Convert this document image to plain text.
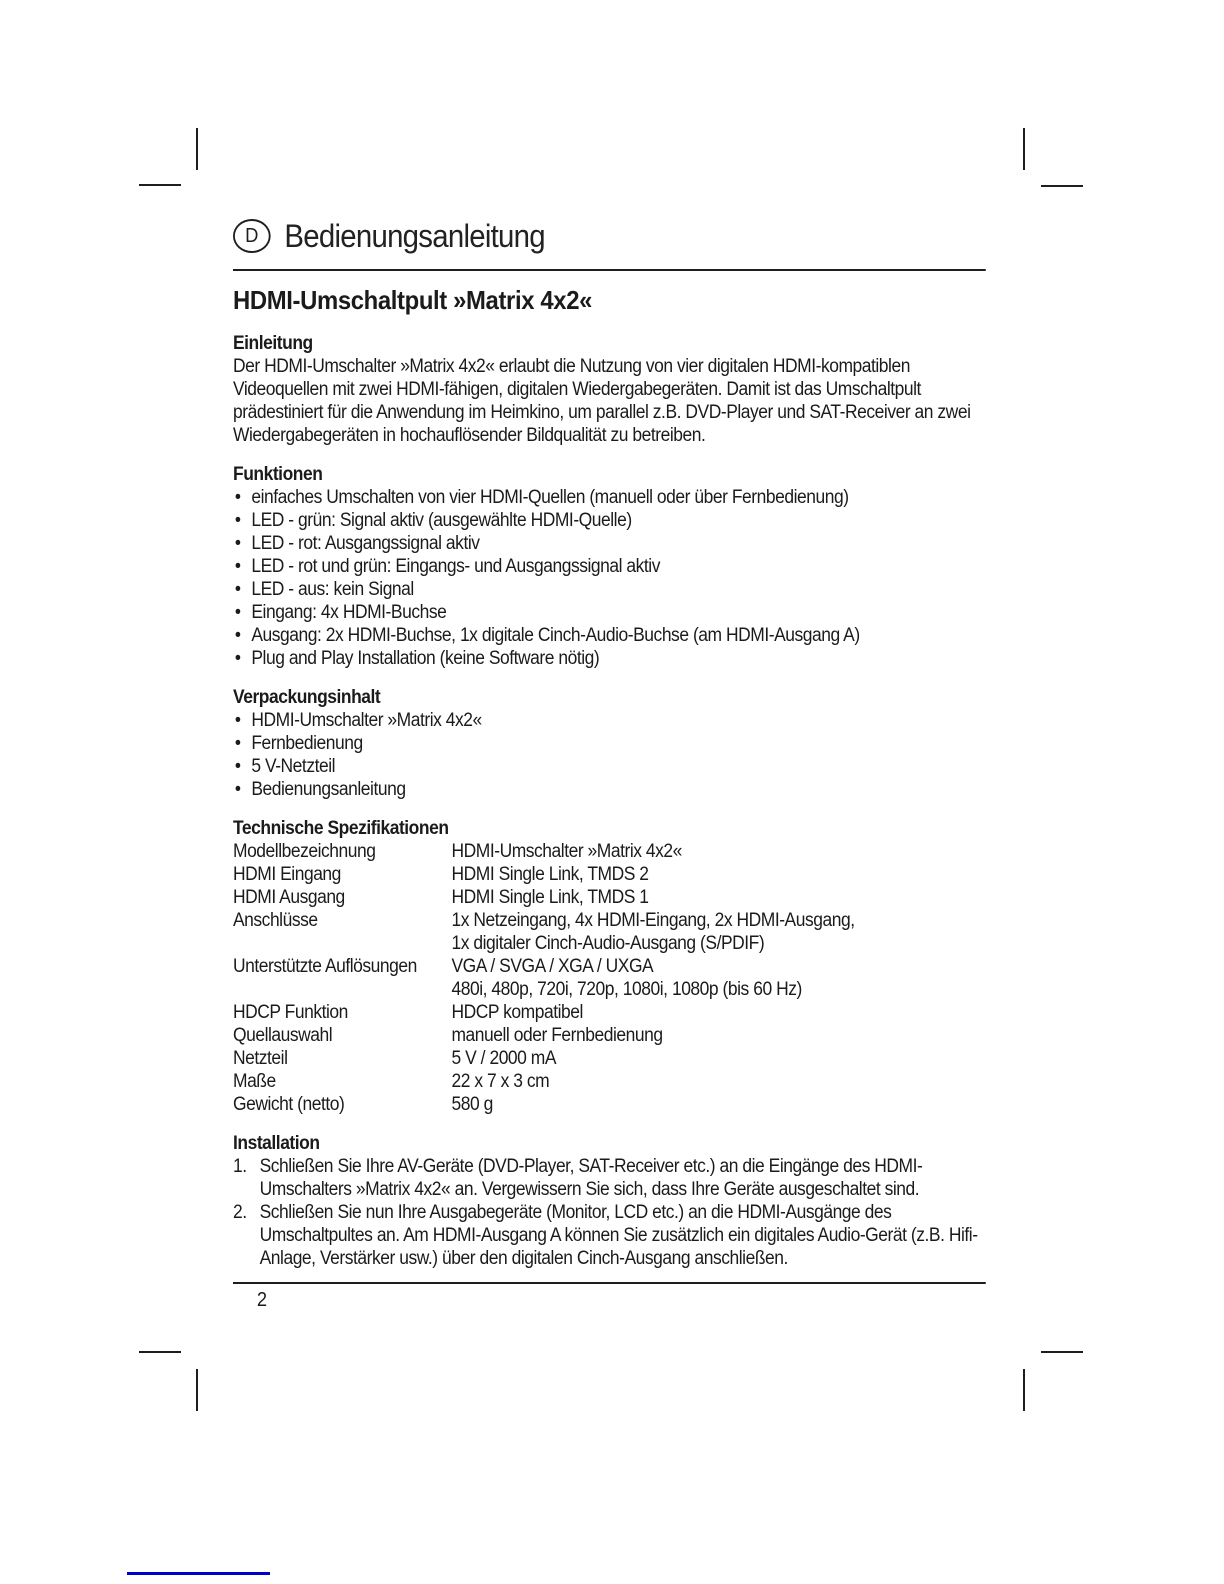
D Bedienungsanleitung
HDMI-Umschaltpult »Matrix 4x2«
Einleitung

Der HDMI-Umschalter »Matrix 4x2« erlaubt die Nutzung von vier digitalen HDMI-kompatiblen Videoquellen mit zwei HDMI-fähigen, digitalen Wiedergabegeräten. Damit ist das Umschaltpult prädestiniert für die Anwendung im Heimkino, um parallel z.B. DVD-Player und SAT-Receiver an zwei Wiedergabegeräten in hochauflösender Bildqualität zu betreiben.

Funktionen
• einfaches Umschalten von vier HDMI-Quellen (manuell oder über Fernbedienung)
• LED - grün: Signal aktiv (ausgewählte HDMI-Quelle)
• LED - rot: Ausgangssignal aktiv
• LED - rot und grün: Eingangs- und Ausgangssignal aktiv
• LED - aus: kein Signal
• Eingang: 4x HDMI-Buchse
• Ausgang: 2x HDMI-Buchse, 1x digitale Cinch-Audio-Buchse (am HDMI-Ausgang A)
• Plug and Play Installation (keine Software nötig)
Verpackungsinhalt
• HDMI-Umschalter »Matrix 4x2«
• Fernbedienung
• 5 V-Netzteil
• Bedienungsanleitung
Technische Spezifikationen
Modellbezeichnung	HDMI-Umschalter »Matrix 4x2«
HDMI Eingang	HDMI Single Link, TMDS 2
HDMI Ausgang	HDMI Single Link, TMDS 1
Anschlüsse	1x Netzeingang, 4x HDMI-Eingang, 2x HDMI-Ausgang,
1x digitaler Cinch-Audio-Ausgang (S/PDIF)
Unterstützte Auflösungen	VGA / SVGA / XGA / UXGA
480i, 480p, 720i, 720p, 1080i, 1080p (bis 60 Hz)
HDCP Funktion	HDCP kompatibel
Quellauswahl	manuell oder Fernbedienung
Netzteil	5 V / 2000 mA
Maße	22 x 7 x 3 cm
Gewicht (netto)	580 g
Installation
1. Schließen Sie Ihre AV-Geräte (DVD-Player, SAT-Receiver etc.) an die Eingänge des HDMI-Umschalters »Matrix 4x2« an. Vergewissern Sie sich, dass Ihre Geräte ausgeschaltet sind.
2. Schließen Sie nun Ihre Ausgabegeräte (Monitor, LCD etc.) an die HDMI-Ausgänge des Umschaltpultes an. Am HDMI-Ausgang A können Sie zusätzlich ein digitales Audio-Gerät (z.B. Hifi-Anlage, Verstärker usw.) über den digitalen Cinch-Ausgang anschließen.
2
